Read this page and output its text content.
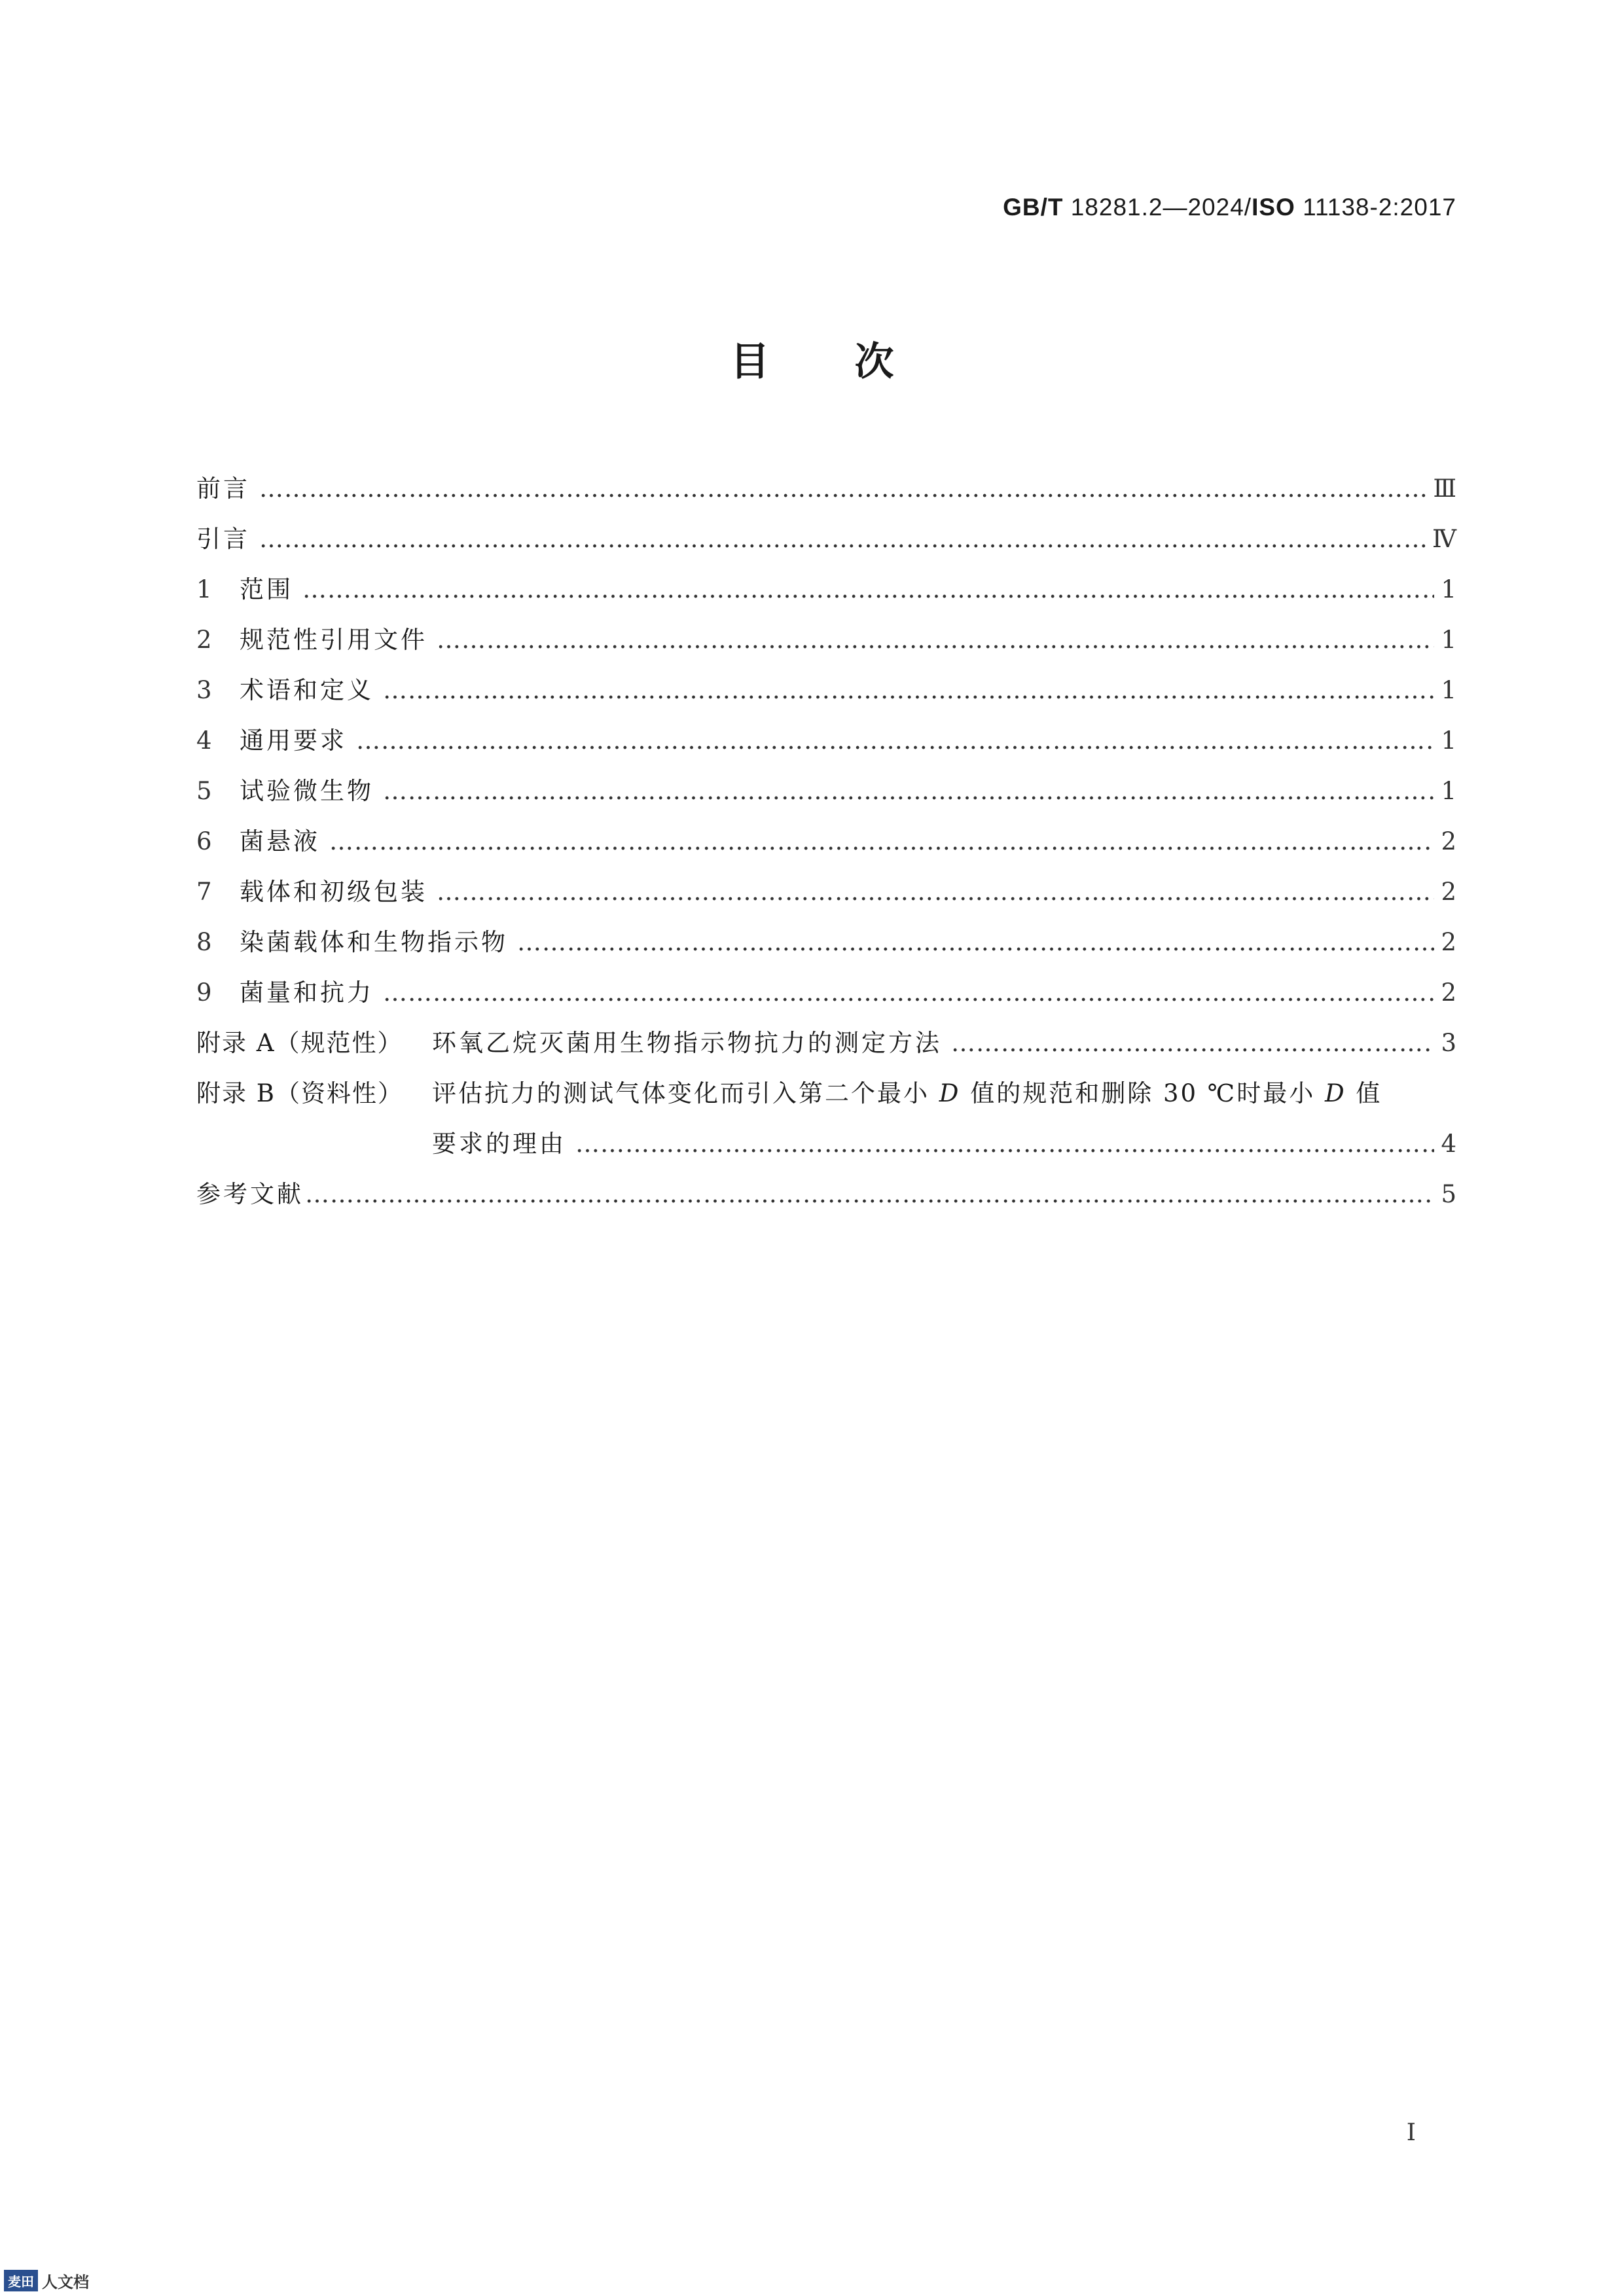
GB/T 18281.2—2024/ISO 11138-2:2017
目次
前言 …………………………………………………………………………………………………………………………………………………………………………………………………………………………………………………	Ⅲ
引言 …………………………………………………………………………………………………………………………………………………………………………………………………………………………………………………	Ⅳ
1	范围 …………………………………………………………………………………………………………………………………………………………………………………………………………………………………………………	1
2	规范性引用文件 …………………………………………………………………………………………………………………………………………………………………………………………………………………………………………………	1
3	术语和定义 …………………………………………………………………………………………………………………………………………………………………………………………………………………………………………………	1
4	通用要求 …………………………………………………………………………………………………………………………………………………………………………………………………………………………………………………	1
5	试验微生物 …………………………………………………………………………………………………………………………………………………………………………………………………………………………………………………	1
6	菌悬液 …………………………………………………………………………………………………………………………………………………………………………………………………………………………………………………	2
7	载体和初级包装 …………………………………………………………………………………………………………………………………………………………………………………………………………………………………………………	2
8	染菌载体和生物指示物 …………………………………………………………………………………………………………………………………………………………………………………………………………………………………………………	2
9	菌量和抗力 …………………………………………………………………………………………………………………………………………………………………………………………………………………………………………………	2
附录 A（规范性）	环氧乙烷灭菌用生物指示物抗力的测定方法 …………………………………………………………………………………………………………………………………………………………………………………………………………………………………………………	3
附录 B（资料性）	评估抗力的测试气体变化而引入第二个最小 D 值的规范和删除 30 ℃时最小 D 值
要求的理由 …………………………………………………………………………………………………………………………………………………………………………………………………………………………………………………	4
参考文献 …………………………………………………………………………………………………………………………………………………………………………………………………………………………………………………	5
I
麦田 人文档
